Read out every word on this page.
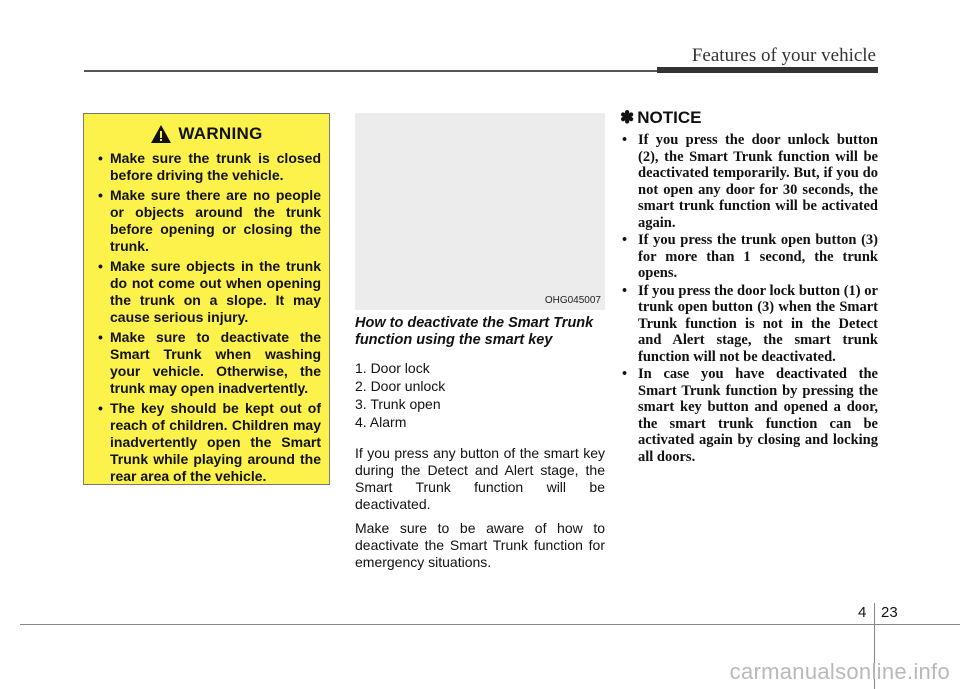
Features of your vehicle
WARNING
• Make sure the trunk is closed before driving the vehicle.
• Make sure there are no people or objects around the trunk before opening or closing the trunk.
• Make sure objects in the trunk do not come out when opening the trunk on a slope. It may cause serious injury.
• Make sure to deactivate the Smart Trunk when washing your vehicle. Otherwise, the trunk may open inadvertently.
• The key should be kept out of reach of children. Children may inadvertently open the Smart Trunk while playing around the rear area of the vehicle.
OHG045007

How to deactivate the Smart Trunk function using the smart key

1. Door lock
2. Door unlock
3. Trunk open
4. Alarm

If you press any button of the smart key during the Detect and Alert stage, the Smart Trunk function will be deactivated.

Make sure to be aware of how to deactivate the Smart Trunk function for emergency situations.

✽ NOTICE
• If you press the door unlock button (2), the Smart Trunk function will be deactivated temporarily. But, if you do not open any door for 30 seconds, the smart trunk function will be activated again.
• If you press the trunk open button (3) for more than 1 second, the trunk opens.
• If you press the door lock button (1) or trunk open button (3) when the Smart Trunk function is not in the Detect and Alert stage, the smart trunk function will not be deactivated.
• In case you have deactivated the Smart Trunk function by pressing the smart key button and opened a door, the smart trunk function can be activated again by closing and locking all doors.
4 23
carmanualsonline.info
